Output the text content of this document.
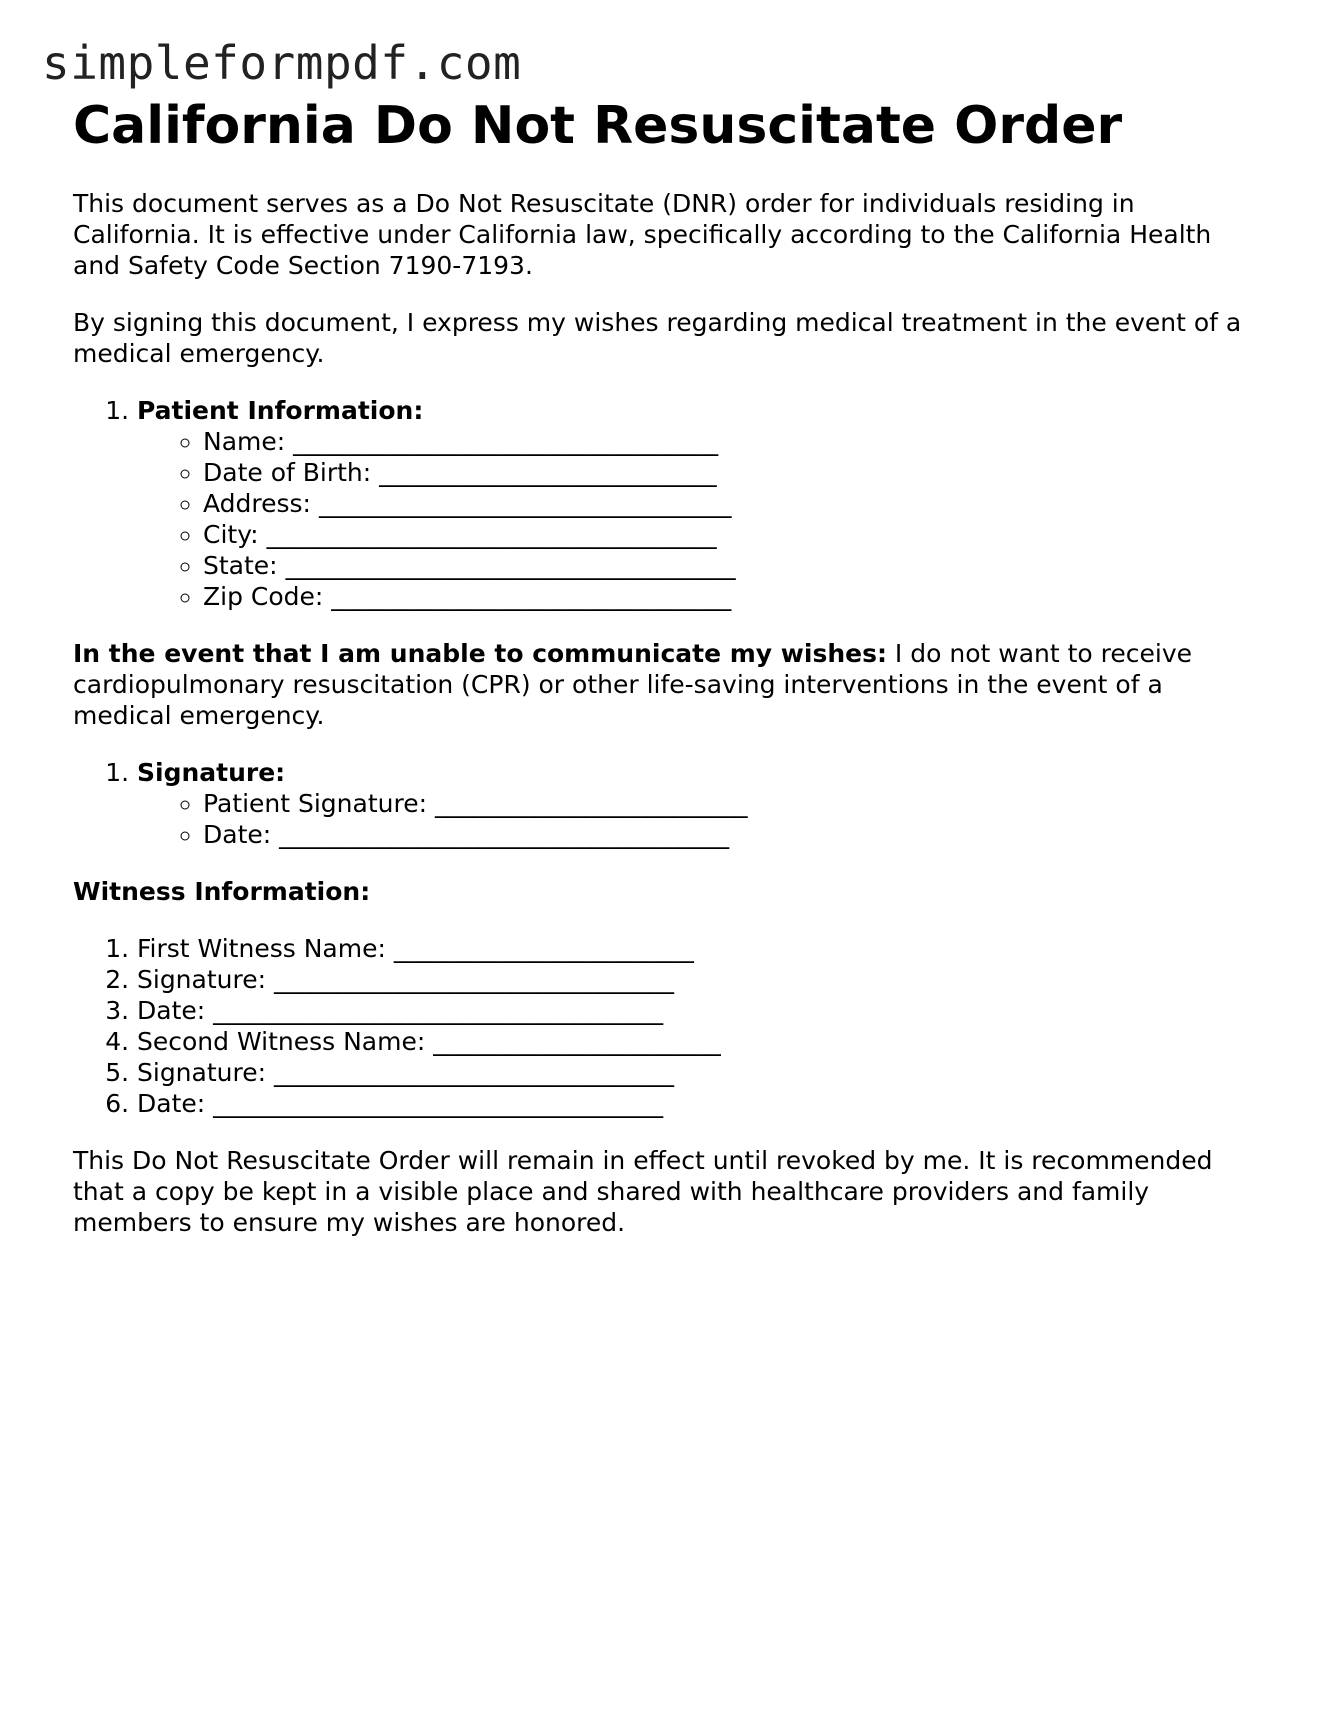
simpleformpdf.com
California Do Not Resuscitate Order

This document serves as a Do Not Resuscitate (DNR) order for individuals residing in California. It is effective under California law, specifically according to the California Health and Safety Code Section 7190-7193.

By signing this document, I express my wishes regarding medical treatment in the event of a medical emergency.

1. Patient Information:
◦ Name: __________________________________
◦ Date of Birth: ___________________________
◦ Address: _________________________________
◦ City: ____________________________________
◦ State: ____________________________________
◦ Zip Code: ________________________________

In the event that I am unable to communicate my wishes: I do not want to receive cardiopulmonary resuscitation (CPR) or other life-saving interventions in the event of a medical emergency.

1. Signature:
◦ Patient Signature: _________________________
◦ Date: ____________________________________
Witness Information:
1. First Witness Name: ________________________
2. Signature: ________________________________
3. Date: ____________________________________
4. Second Witness Name: _______________________
5. Signature: ________________________________
6. Date: ____________________________________

This Do Not Resuscitate Order will remain in effect until revoked by me. It is recommended that a copy be kept in a visible place and shared with healthcare providers and family members to ensure my wishes are honored.
